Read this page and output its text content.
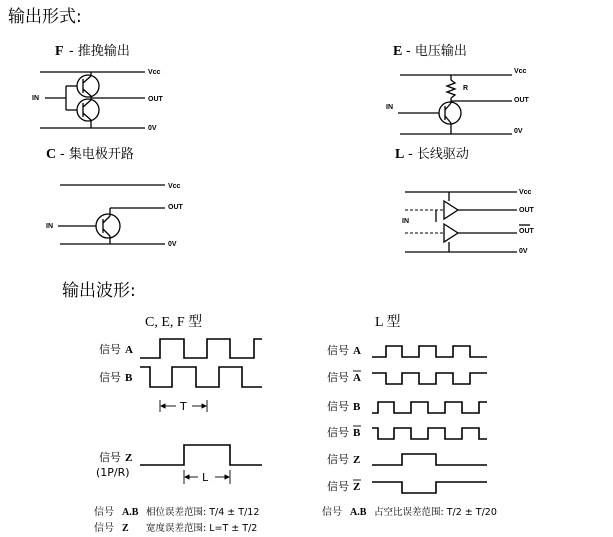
输出形式:
输出波形:
F - 推挽输出
Vcc
0V
OUT
IN
E - 电压输出
Vcc
0V
R
OUT
IN
C - 集电极开路
Vcc
0V
OUT
IN
L - 长线驱动
Vcc
0V
OUT
OUT
IN
C, E, F 型
信号 A
信号 B
T
信号 Z
(1P/R)	L
信号 A.B 相位误差范围: T/4 ± T/12
信号 Z 宽度误差范围: L=T ± T/2
L 型
信号 A
信号 A
信号 B
信号 B
信号 Z
信号 Z
信号 A.B 占空比误差范围: T/2 ± T/20
